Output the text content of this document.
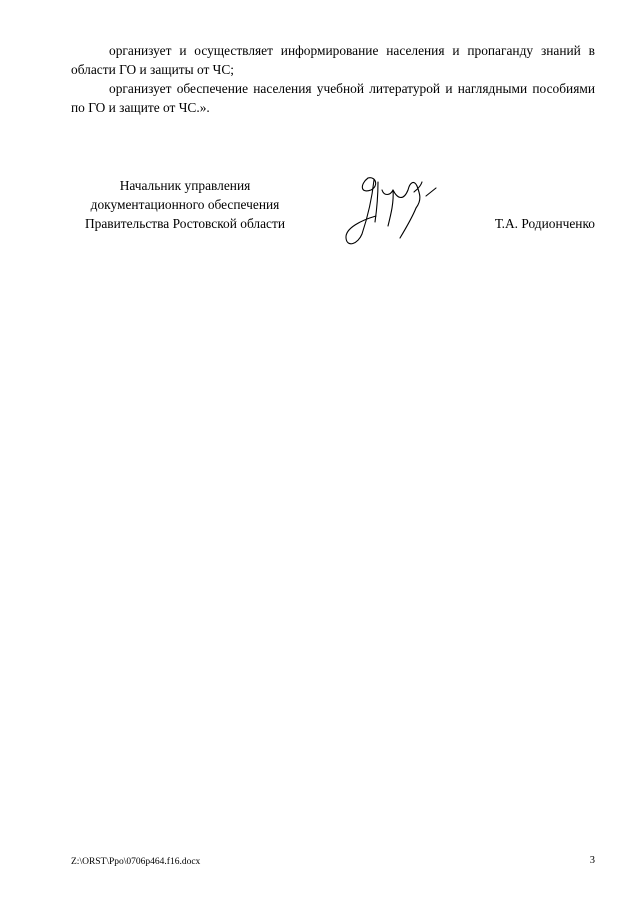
организует и осуществляет информирование населения и пропаганду знаний в области ГО и защиты от ЧС;

организует обеспечение населения учебной литературой и наглядными пособиями по ГО и защите от ЧС.».

Начальник управления
документационного обеспечения
Правительства Ростовской области	Т.А. Родионченко
Z:\ORST\Ppo\0706p464.f16.docx	3
